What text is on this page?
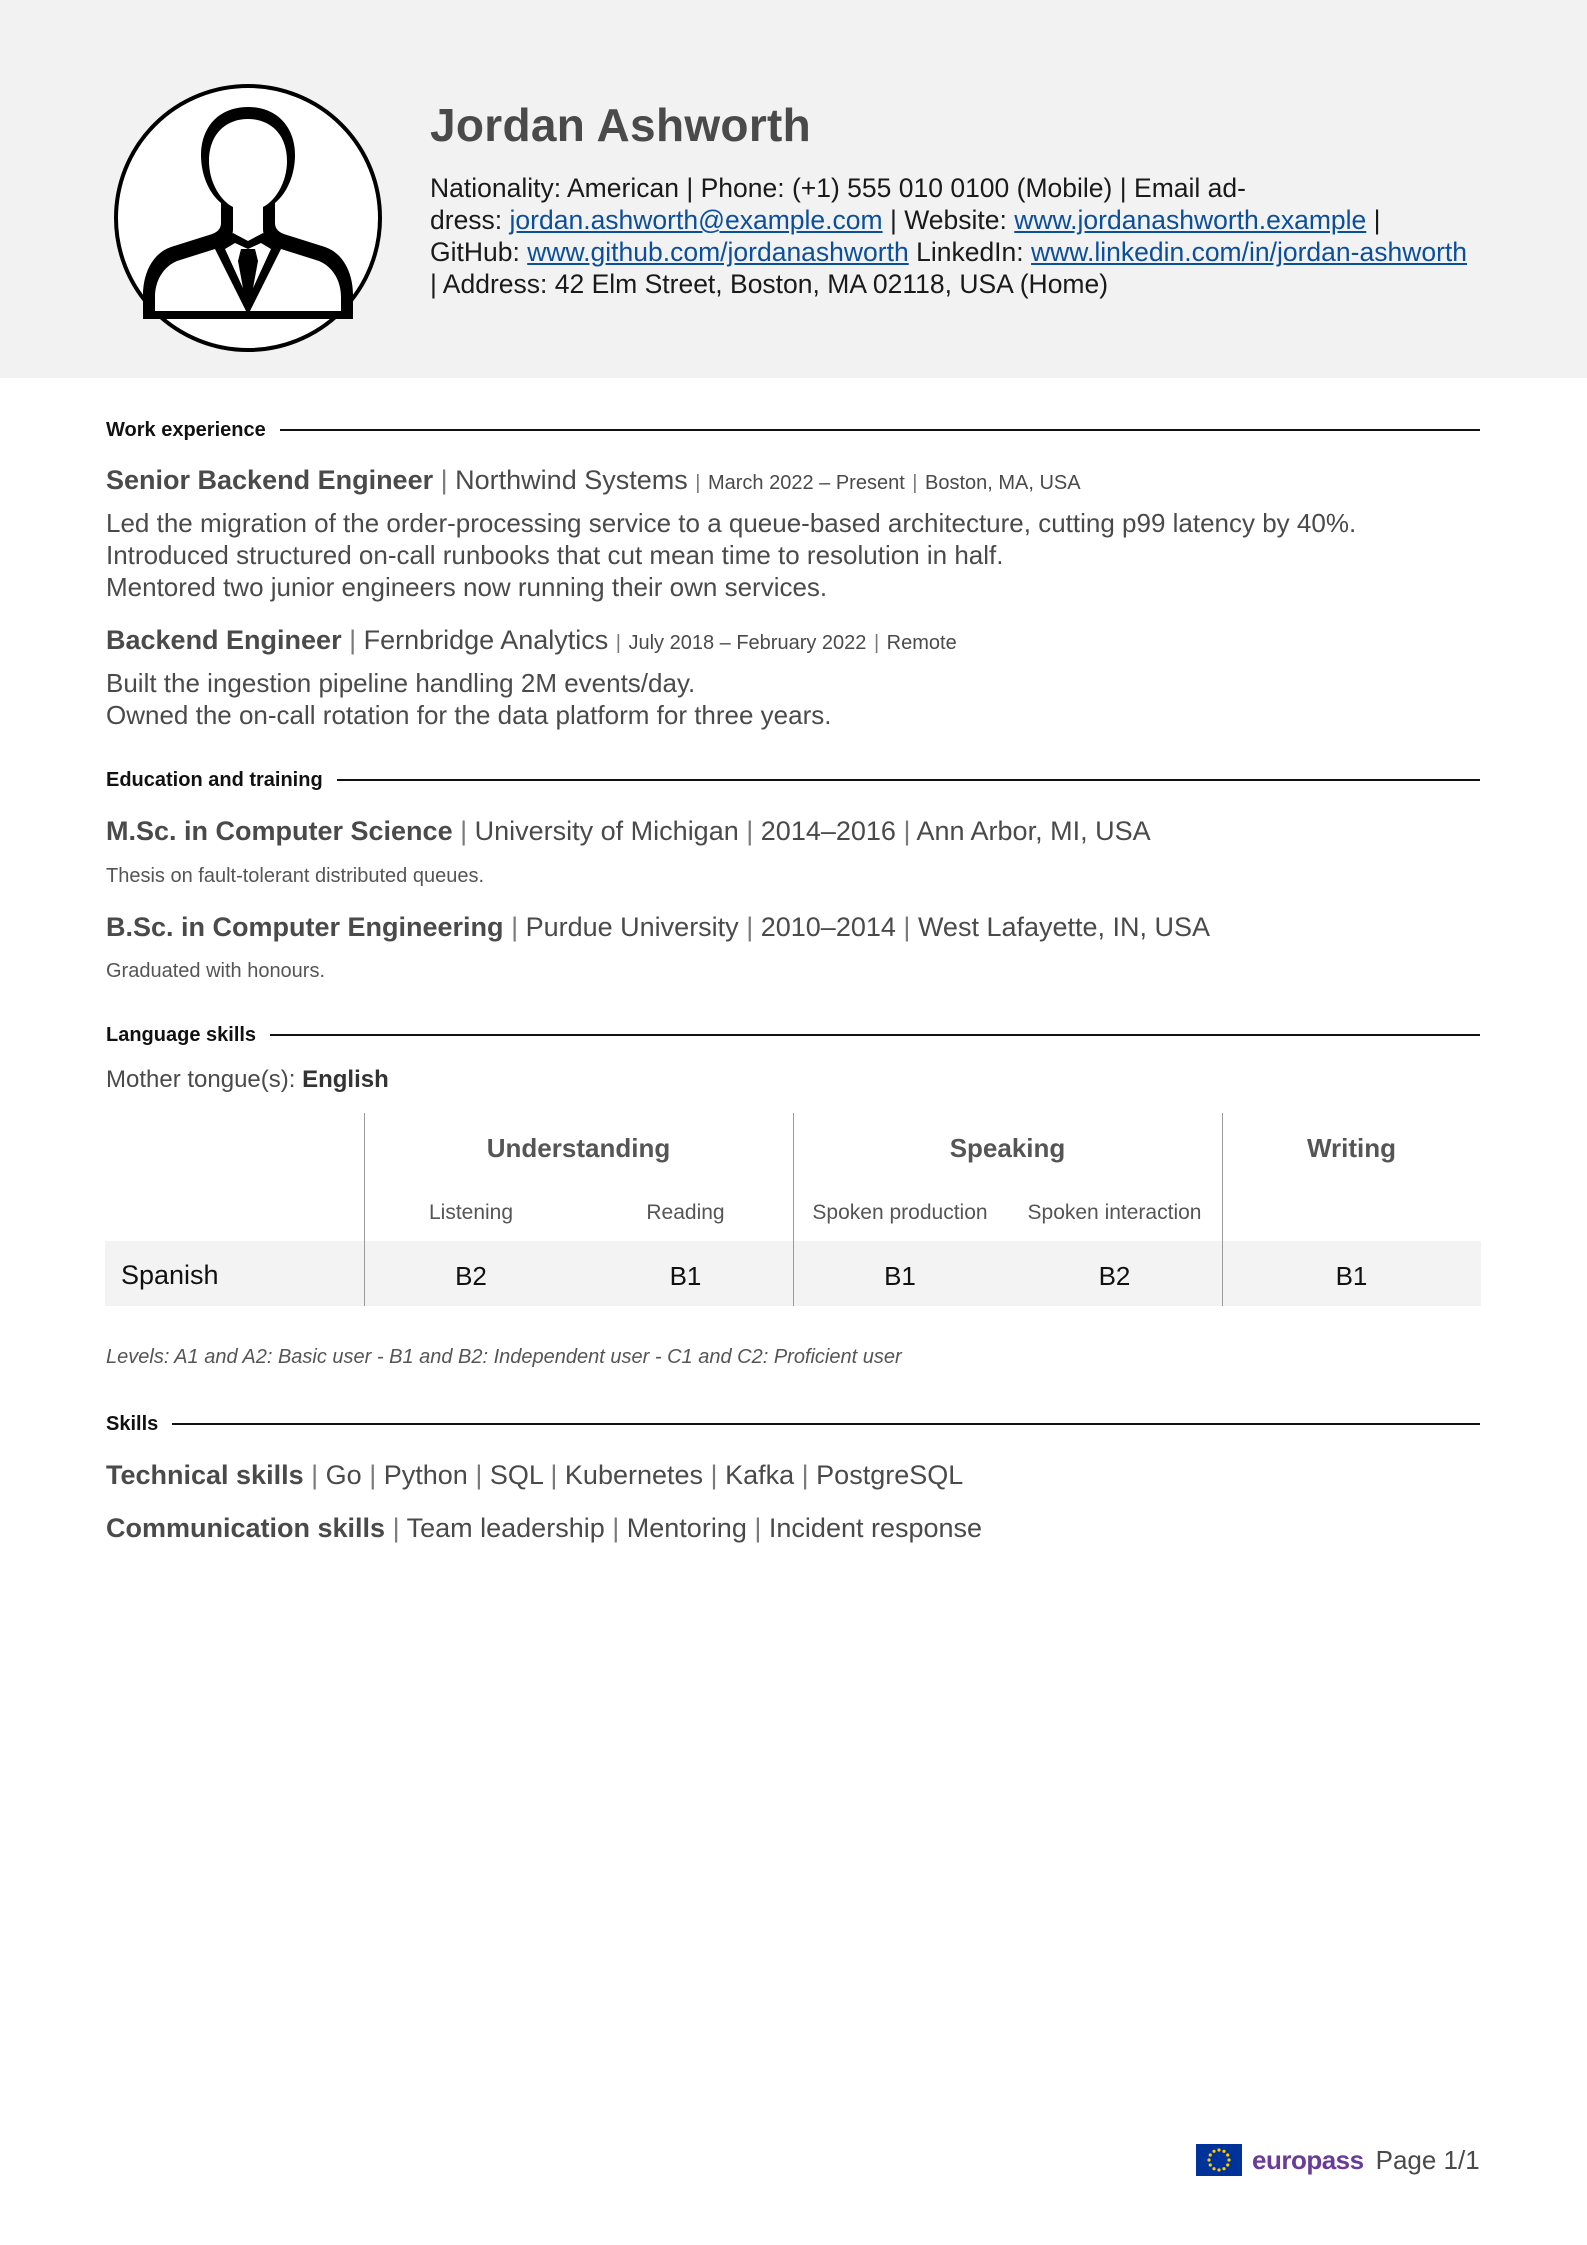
Jordan Ashworth
Nationality: American | Phone: (+1) 555 010 0100 (Mobile) | Email ad-
dress: jordan.ashworth@example.com | Website: www.jordanashworth.example |
GitHub: www.github.com/jordanashworth LinkedIn: www.linkedin.com/in/jordan-ashworth
| Address: 42 Elm Street, Boston, MA 02118, USA (Home)
Work experience
Senior Backend Engineer | Northwind Systems | March 2022 – Present | Boston, MA, USA
Led the migration of the order-processing service to a queue-based architecture, cutting p99 latency by 40%.
Introduced structured on-call runbooks that cut mean time to resolution in half.
Mentored two junior engineers now running their own services.
Backend Engineer | Fernbridge Analytics | July 2018 – February 2022 | Remote
Built the ingestion pipeline handling 2M events/day.
Owned the on-call rotation for the data platform for three years.
Education and training
M.Sc. in Computer Science | University of Michigan | 2014–2016 | Ann Arbor, MI, USA
Thesis on fault-tolerant distributed queues.
B.Sc. in Computer Engineering | Purdue University | 2010–2014 | West Lafayette, IN, USA
Graduated with honours.
Language skills
Mother tongue(s): English
Understanding	Speaking	Writing
Listening	Reading	Spoken production	Spoken interaction
Spanish	B2	B1	B1	B2	B1
Levels: A1 and A2: Basic user - B1 and B2: Independent user - C1 and C2: Proficient user
Skills
Technical skills | Go | Python | SQL | Kubernetes | Kafka | PostgreSQL
Communication skills | Team leadership | Mentoring | Incident response
europass Page 1/1
